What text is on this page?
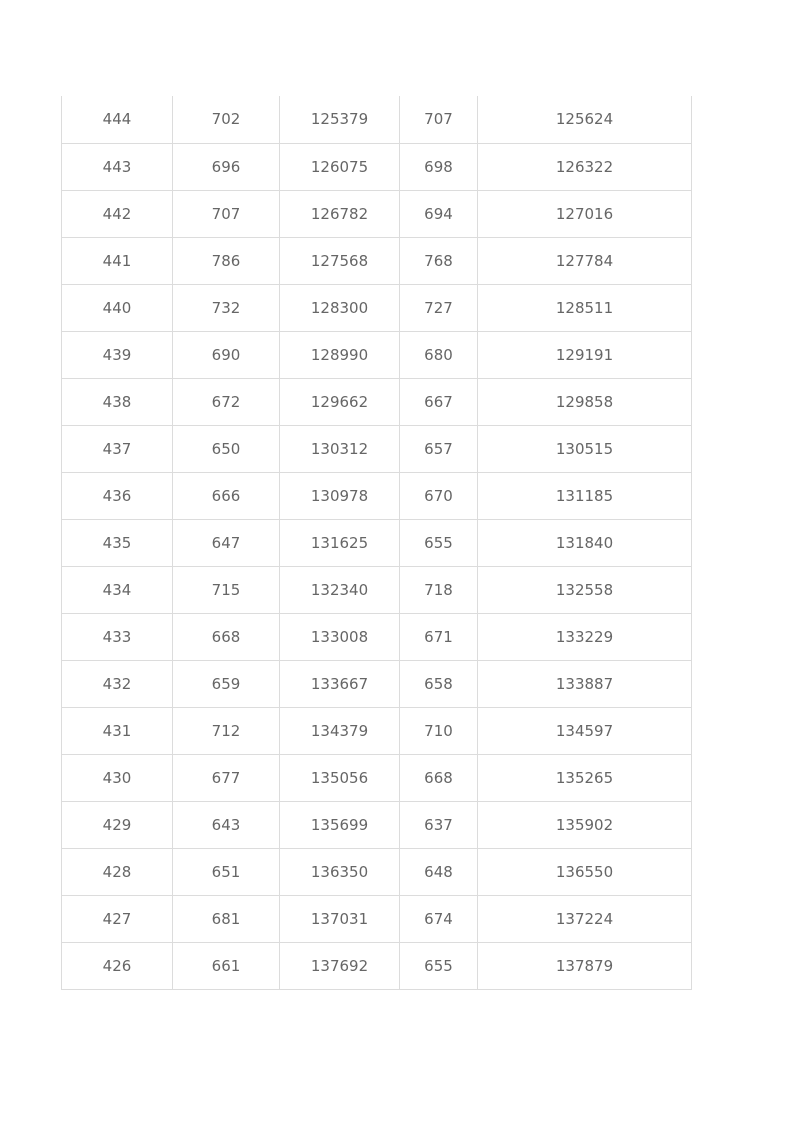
444	702	125379	707	125624
443	696	126075	698	126322
442	707	126782	694	127016
441	786	127568	768	127784
440	732	128300	727	128511
439	690	128990	680	129191
438	672	129662	667	129858
437	650	130312	657	130515
436	666	130978	670	131185
435	647	131625	655	131840
434	715	132340	718	132558
433	668	133008	671	133229
432	659	133667	658	133887
431	712	134379	710	134597
430	677	135056	668	135265
429	643	135699	637	135902
428	651	136350	648	136550
427	681	137031	674	137224
426	661	137692	655	137879
